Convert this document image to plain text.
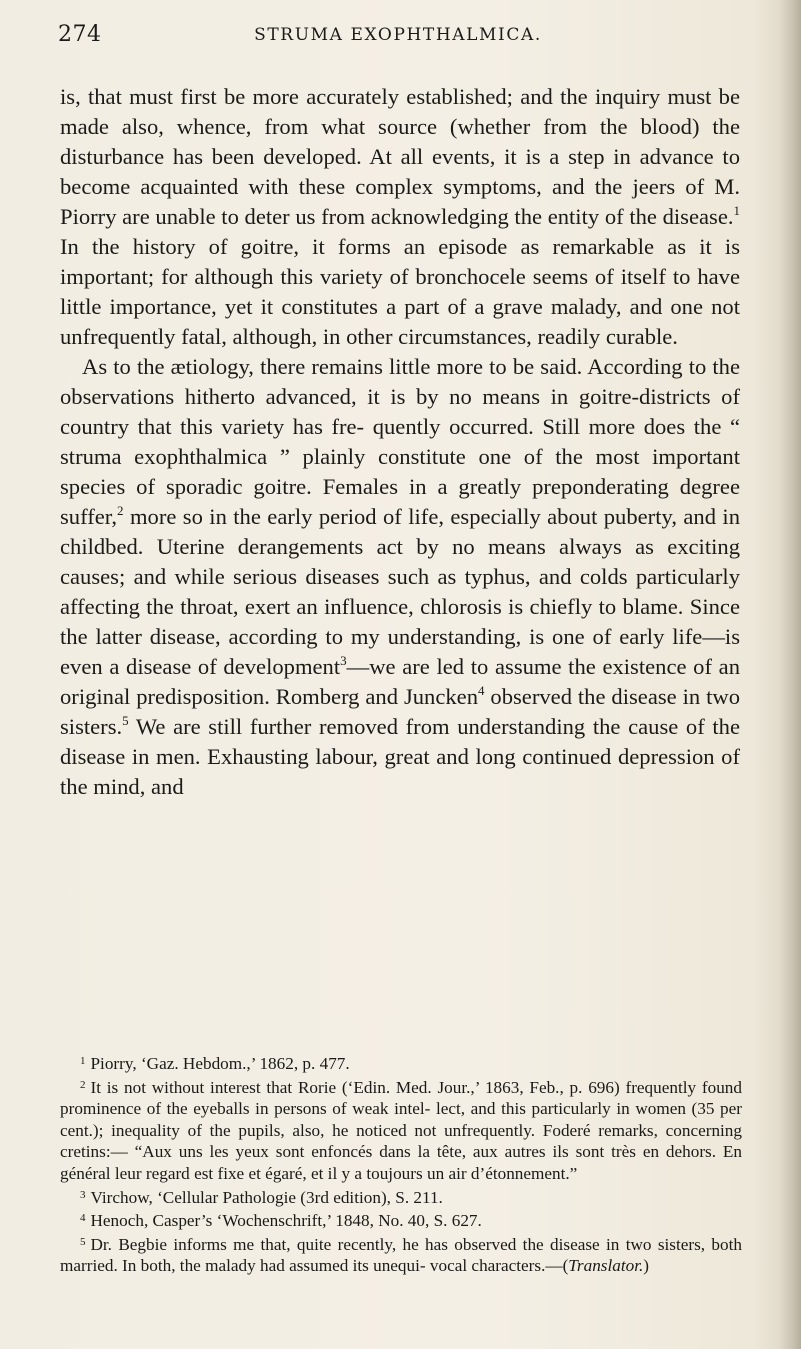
274	STRUMA EXOPHTHALMICA.

is, that must first be more accurately established; and the inquiry must be made also, whence, from what source (whether from the blood) the disturbance has been developed. At all events, it is a step in advance to become acquainted with these complex symptoms, and the jeers of M. Piorry are unable to deter us from acknowledging the entity of the disease.$^1$ In the history of goitre, it forms an episode as remarkable as it is important; for although this variety of bronchocele seems of itself to have little importance, yet it constitutes a part of a grave malady, and one not unfrequently fatal, although, in other circumstances, readily curable.

As to the ætiology, there remains little more to be said. According to the observations hitherto advanced, it is by no means in goitre-districts of country that this variety has fre- quently occurred. Still more does the “ struma exophthalmica ” plainly constitute one of the most important species of sporadic goitre. Females in a greatly preponderating degree suffer,$^2$ more so in the early period of life, especially about puberty, and in childbed. Uterine derangements act by no means always as exciting causes; and while serious diseases such as typhus, and colds particularly affecting the throat, exert an influence, chlorosis is chiefly to blame. Since the latter disease, according to my understanding, is one of early life—is even a disease of development$^3$—we are led to assume the existence of an original predisposition. Romberg and Juncken$^4$ observed the disease in two sisters.$^5$ We are still further removed from understanding the cause of the disease in men. Exhausting labour, great and long continued depression of the mind, and

$^1$ Piorry, ‘Gaz. Hebdom.,’ 1862, p. 477.

$^2$ It is not without interest that Rorie (‘Edin. Med. Jour.,’ 1863, Feb., p. 696) frequently found prominence of the eyeballs in persons of weak intel- lect, and this particularly in women (35 per cent.); inequality of the pupils, also, he noticed not unfrequently. Foderé remarks, concerning cretins:— “Aux uns les yeux sont enfoncés dans la tête, aux autres ils sont très en dehors. En général leur regard est fixe et égaré, et il y a toujours un air d’étonnement.”

$^3$ Virchow, ‘Cellular Pathologie (3rd edition), S. 211.

$^4$ Henoch, Casper’s ‘Wochenschrift,’ 1848, No. 40, S. 627.

$^5$ Dr. Begbie informs me that, quite recently, he has observed the disease in two sisters, both married. In both, the malady had assumed its unequi- vocal characters.—(Translator.)
